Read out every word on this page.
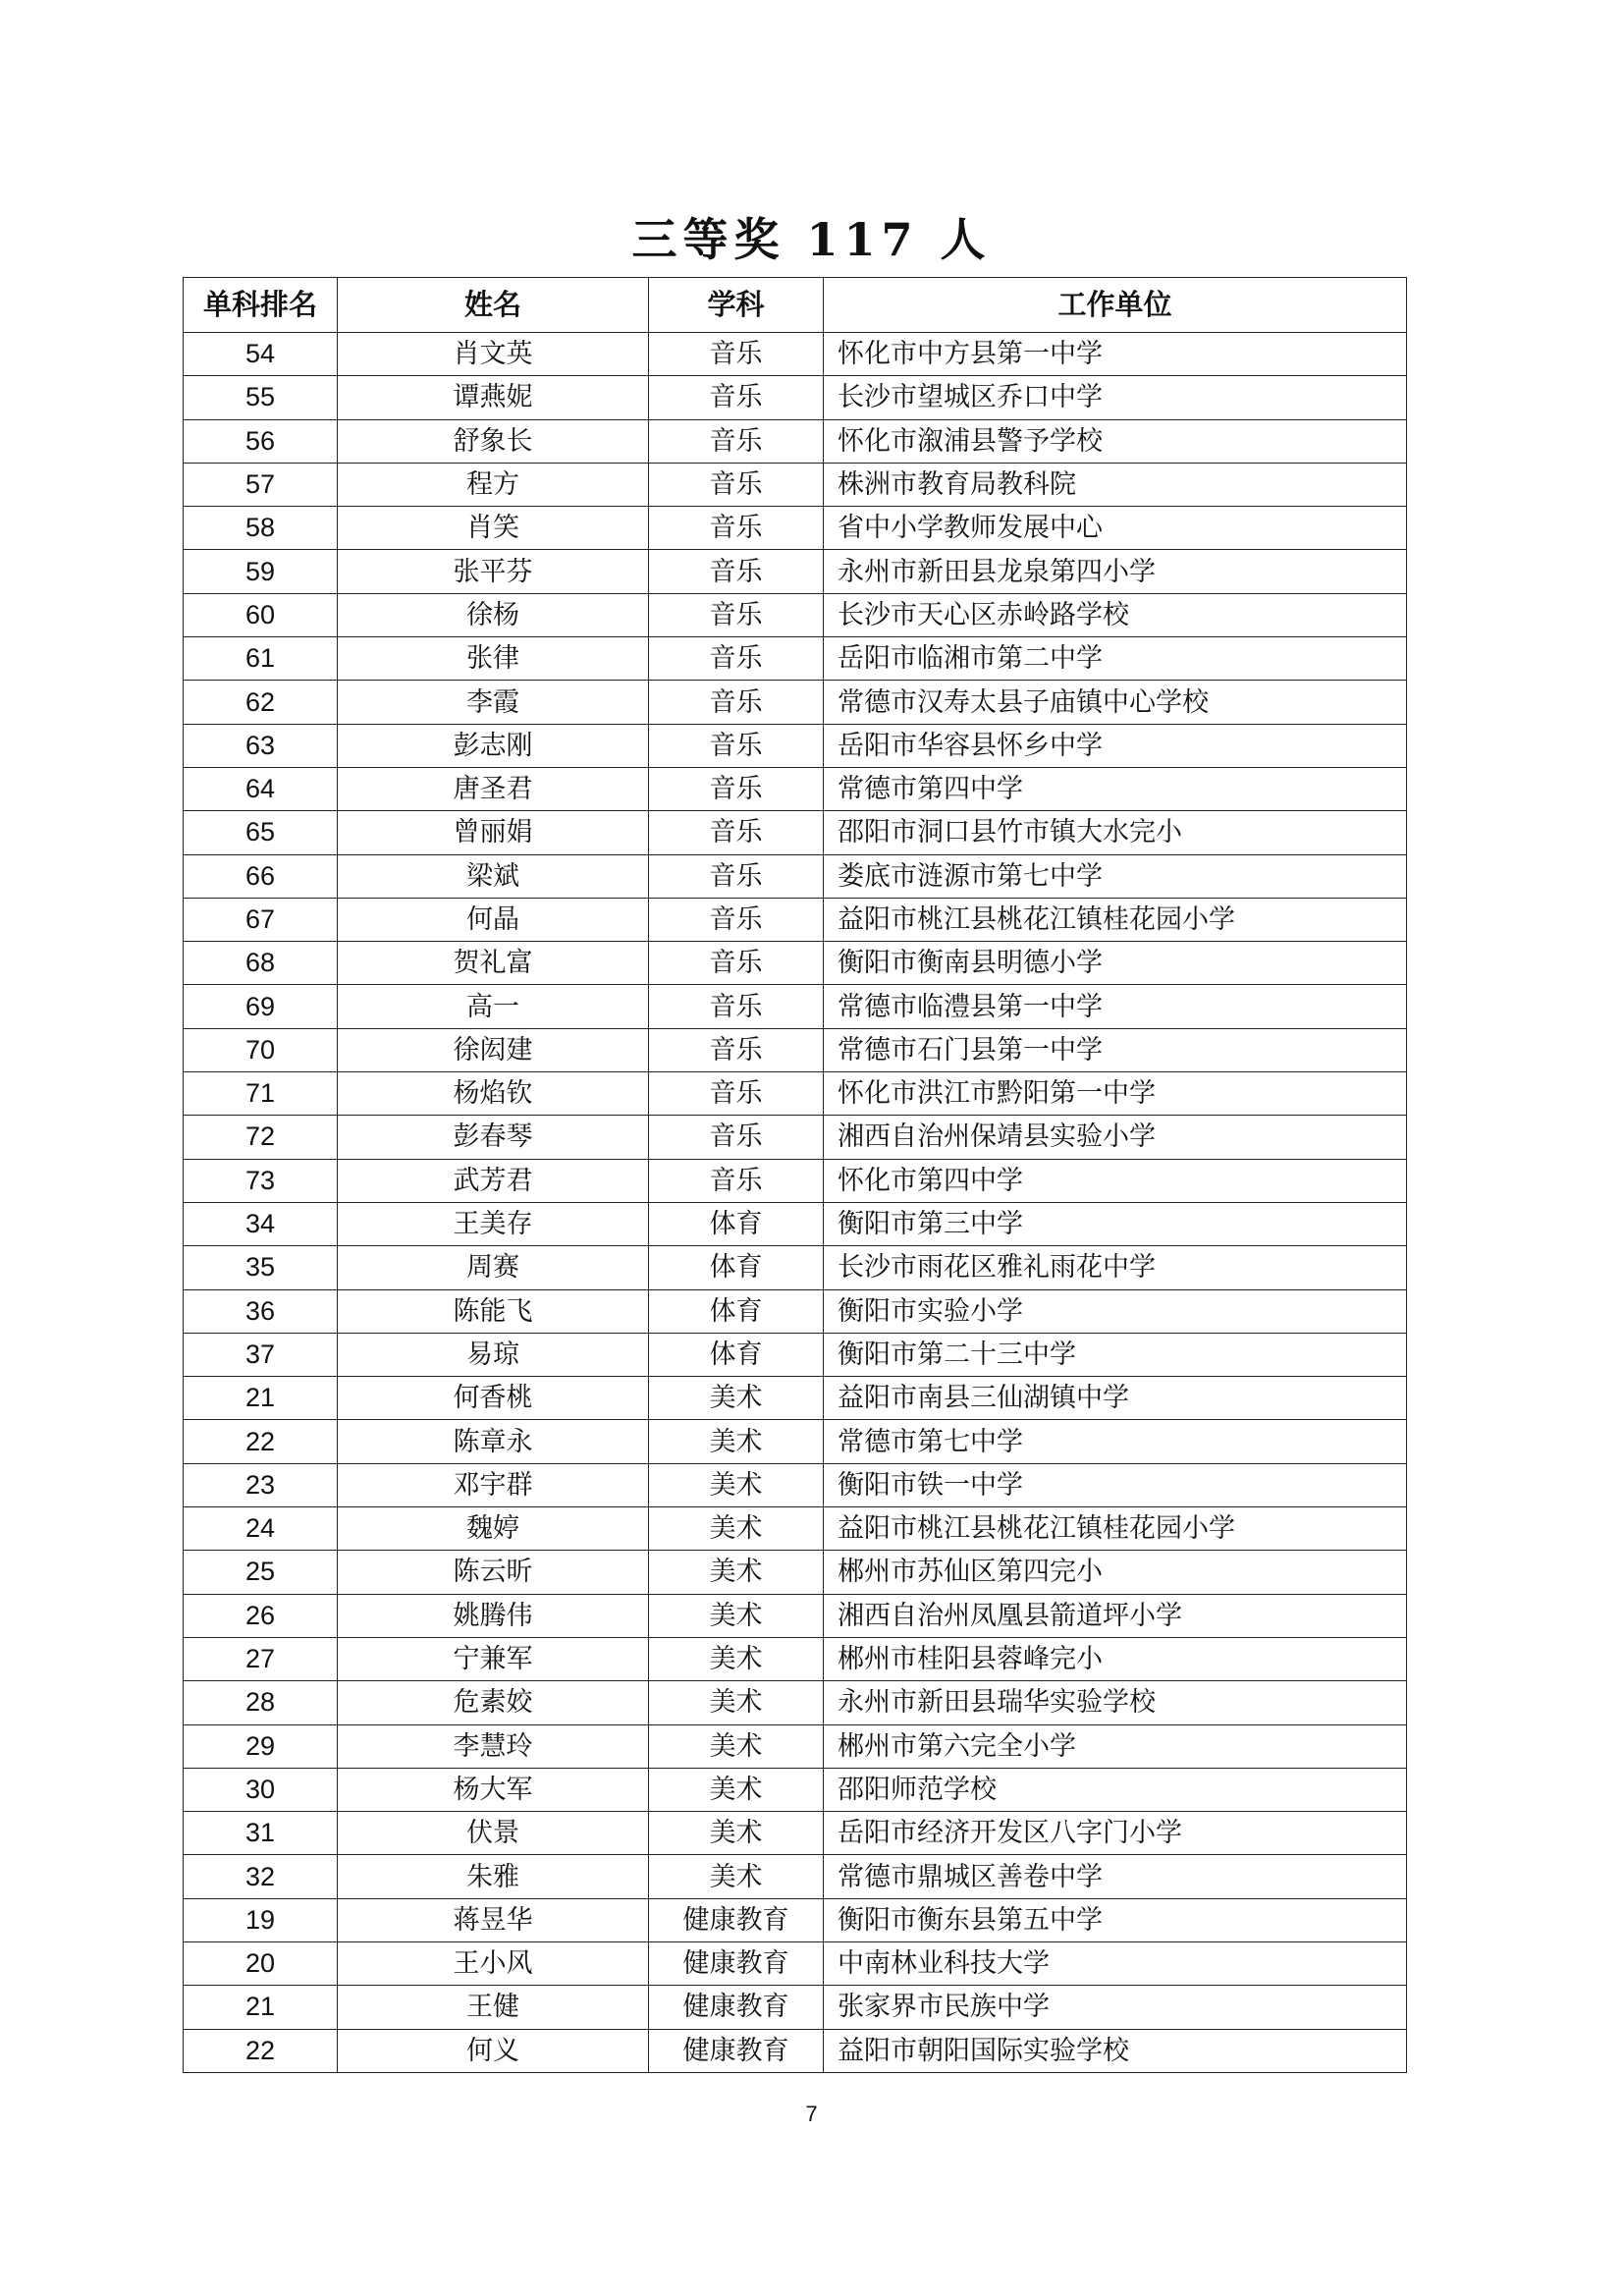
三等奖 117 人
单科排名	姓名	学科	工作单位
54	肖文英	音乐	怀化市中方县第一中学
55	谭燕妮	音乐	长沙市望城区乔口中学
56	舒象长	音乐	怀化市溆浦县警予学校
57	程方	音乐	株洲市教育局教科院
58	肖笑	音乐	省中小学教师发展中心
59	张平芬	音乐	永州市新田县龙泉第四小学
60	徐杨	音乐	长沙市天心区赤岭路学校
61	张律	音乐	岳阳市临湘市第二中学
62	李霞	音乐	常德市汉寿太县子庙镇中心学校
63	彭志刚	音乐	岳阳市华容县怀乡中学
64	唐圣君	音乐	常德市第四中学
65	曾丽娟	音乐	邵阳市洞口县竹市镇大水完小
66	梁斌	音乐	娄底市涟源市第七中学
67	何晶	音乐	益阳市桃江县桃花江镇桂花园小学
68	贺礼富	音乐	衡阳市衡南县明德小学
69	高一	音乐	常德市临澧县第一中学
70	徐闳建	音乐	常德市石门县第一中学
71	杨焰钦	音乐	怀化市洪江市黔阳第一中学
72	彭春琴	音乐	湘西自治州保靖县实验小学
73	武芳君	音乐	怀化市第四中学
34	王美存	体育	衡阳市第三中学
35	周赛	体育	长沙市雨花区雅礼雨花中学
36	陈能飞	体育	衡阳市实验小学
37	易琼	体育	衡阳市第二十三中学
21	何香桃	美术	益阳市南县三仙湖镇中学
22	陈章永	美术	常德市第七中学
23	邓宇群	美术	衡阳市铁一中学
24	魏婷	美术	益阳市桃江县桃花江镇桂花园小学
25	陈云昕	美术	郴州市苏仙区第四完小
26	姚腾伟	美术	湘西自治州凤凰县箭道坪小学
27	宁兼军	美术	郴州市桂阳县蓉峰完小
28	危素姣	美术	永州市新田县瑞华实验学校
29	李慧玲	美术	郴州市第六完全小学
30	杨大军	美术	邵阳师范学校
31	伏景	美术	岳阳市经济开发区八字门小学
32	朱雅	美术	常德市鼎城区善卷中学
19	蒋昱华	健康教育	衡阳市衡东县第五中学
20	王小风	健康教育	中南林业科技大学
21	王健	健康教育	张家界市民族中学
22	何义	健康教育	益阳市朝阳国际实验学校
7
